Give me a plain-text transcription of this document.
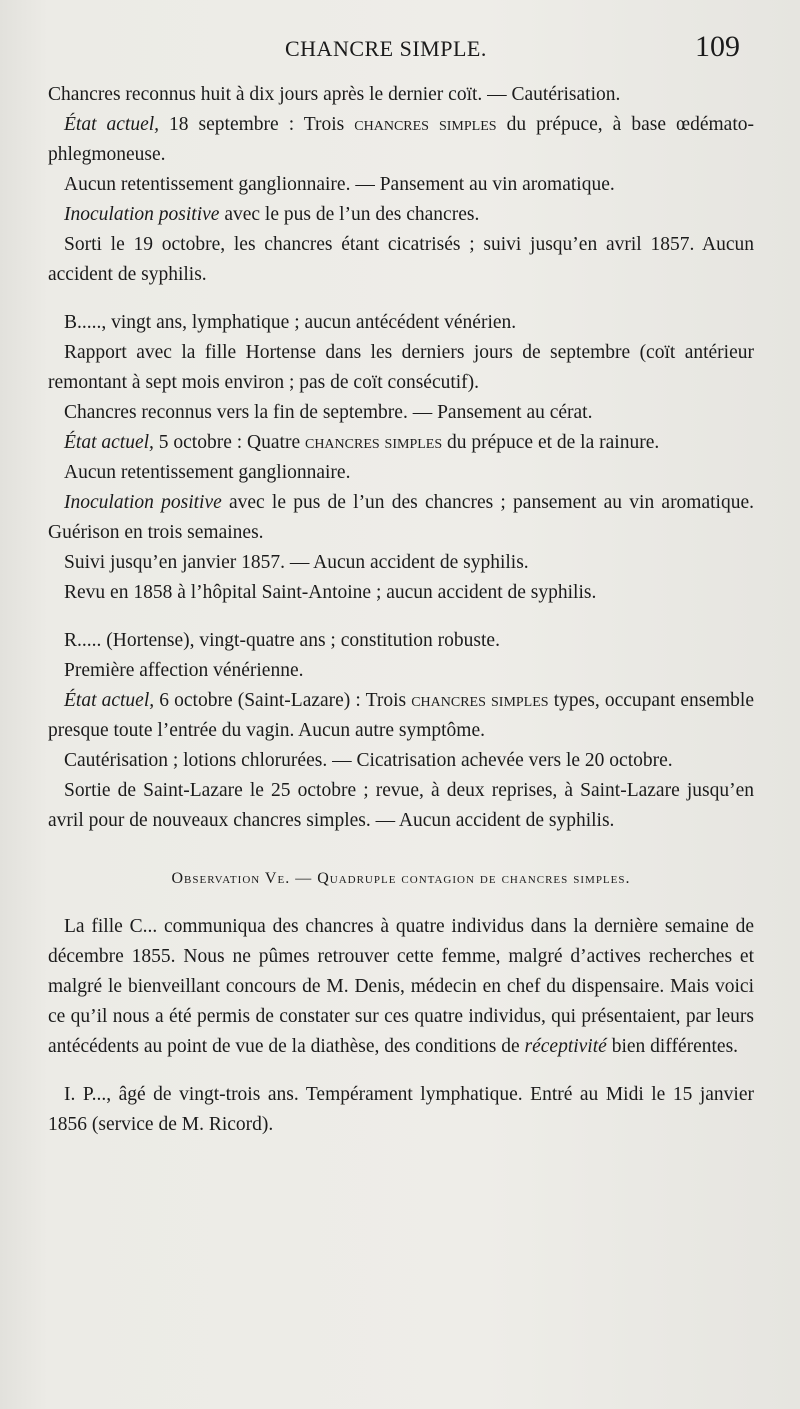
CHANCRE SIMPLE.	109

Chancres reconnus huit à dix jours après le dernier coït. — Cautérisation.

État actuel, 18 septembre : Trois chancres simples du prépuce, à base œdémato-phlegmoneuse.

Aucun retentissement ganglionnaire. — Pansement au vin aromatique.

Inoculation positive avec le pus de l’un des chancres.

Sorti le 19 octobre, les chancres étant cicatrisés ; suivi jusqu’en avril 1857. Aucun accident de syphilis.

B....., vingt ans, lymphatique ; aucun antécédent vénérien.

Rapport avec la fille Hortense dans les derniers jours de septembre (coït antérieur remontant à sept mois environ ; pas de coït consécutif).

Chancres reconnus vers la fin de septembre. — Pansement au cérat.

État actuel, 5 octobre : Quatre chancres simples du prépuce et de la rainure.

Aucun retentissement ganglionnaire.

Inoculation positive avec le pus de l’un des chancres ; pansement au vin aromatique. Guérison en trois semaines.

Suivi jusqu’en janvier 1857. — Aucun accident de syphilis.

Revu en 1858 à l’hôpital Saint-Antoine ; aucun accident de syphilis.

R..... (Hortense), vingt-quatre ans ; constitution robuste.

Première affection vénérienne.

État actuel, 6 octobre (Saint-Lazare) : Trois chancres simples types, occupant ensemble presque toute l’entrée du vagin. Aucun autre symptôme.

Cautérisation ; lotions chlorurées. — Cicatrisation achevée vers le 20 octobre.

Sortie de Saint-Lazare le 25 octobre ; revue, à deux reprises, à Saint-Lazare jusqu’en avril pour de nouveaux chancres simples. — Aucun accident de syphilis.

Observation Ve. — Quadruple contagion de chancres simples.

La fille C... communiqua des chancres à quatre individus dans la dernière semaine de décembre 1855. Nous ne pûmes retrouver cette femme, malgré d’actives recherches et malgré le bienveillant concours de M. Denis, médecin en chef du dispensaire. Mais voici ce qu’il nous a été permis de constater sur ces quatre individus, qui présentaient, par leurs antécédents au point de vue de la diathèse, des conditions de réceptivité bien différentes.

I. P..., âgé de vingt-trois ans. Tempérament lymphatique. Entré au Midi le 15 janvier 1856 (service de M. Ricord).
